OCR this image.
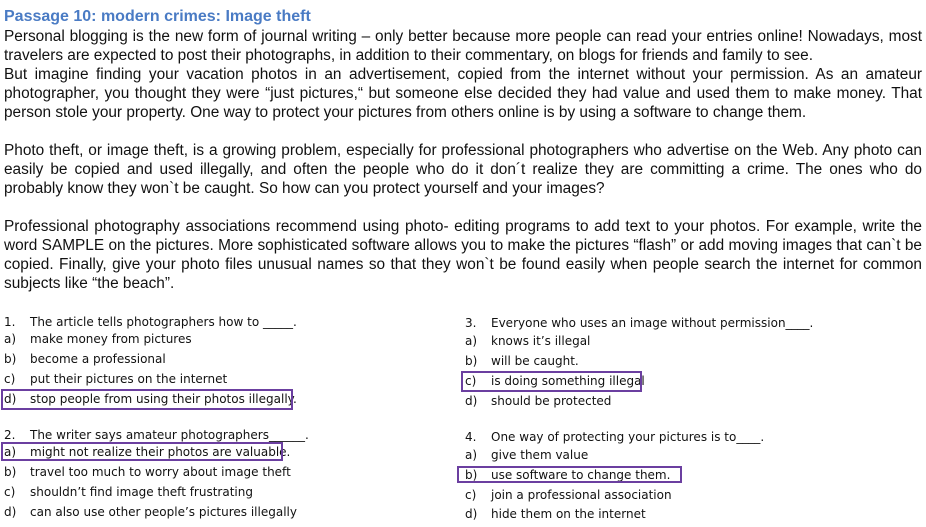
Passage 10: modern crimes: Image theft
Personal blogging is the new form of journal writing – only better because more people can read your entries online! Nowadays, most travelers are expected to post their photographs, in addition to their commentary, on blogs for friends and family to see.
But imagine finding your vacation photos in an advertisement, copied from the internet without your permission. As an amateur photographer, you thought they were “just pictures,“ but someone else decided they had value and used them to make money. That person stole your property. One way to protect your pictures from others online is by using a software to change them.
Photo theft, or image theft, is a growing problem, especially for professional photographers who advertise on the Web. Any photo can easily be copied and used illegally, and often the people who do it don´t realize they are committing a crime. The ones who do probably know they won`t be caught. So how can you protect yourself and your images?
Professional photography associations recommend using photo- editing programs to add text to your photos. For example, write the word SAMPLE on the pictures. More sophisticated software allows you to make the pictures “flash” or add moving images that can`t be copied. Finally, give your photo files unusual names so that they won`t be found easily when people search the internet for common subjects like “the beach”.
1. The article tells photographers how to _____.
a) make money from pictures
b) become a professional
c) put their pictures on the internet
d) stop people from using their photos illegally.
2. The writer says amateur photographers______.
a) might not realize their photos are valuable.
b) travel too much to worry about image theft
c) shouldn’t find image theft frustrating
d) can also use other people’s pictures illegally
3. Everyone who uses an image without permission____.
a) knows it’s illegal
b) will be caught.
c) is doing something illegal
d) should be protected
4. One way of protecting your pictures is to____.
a) give them value
b) use software to change them.
c) join a professional association
d) hide them on the internet
